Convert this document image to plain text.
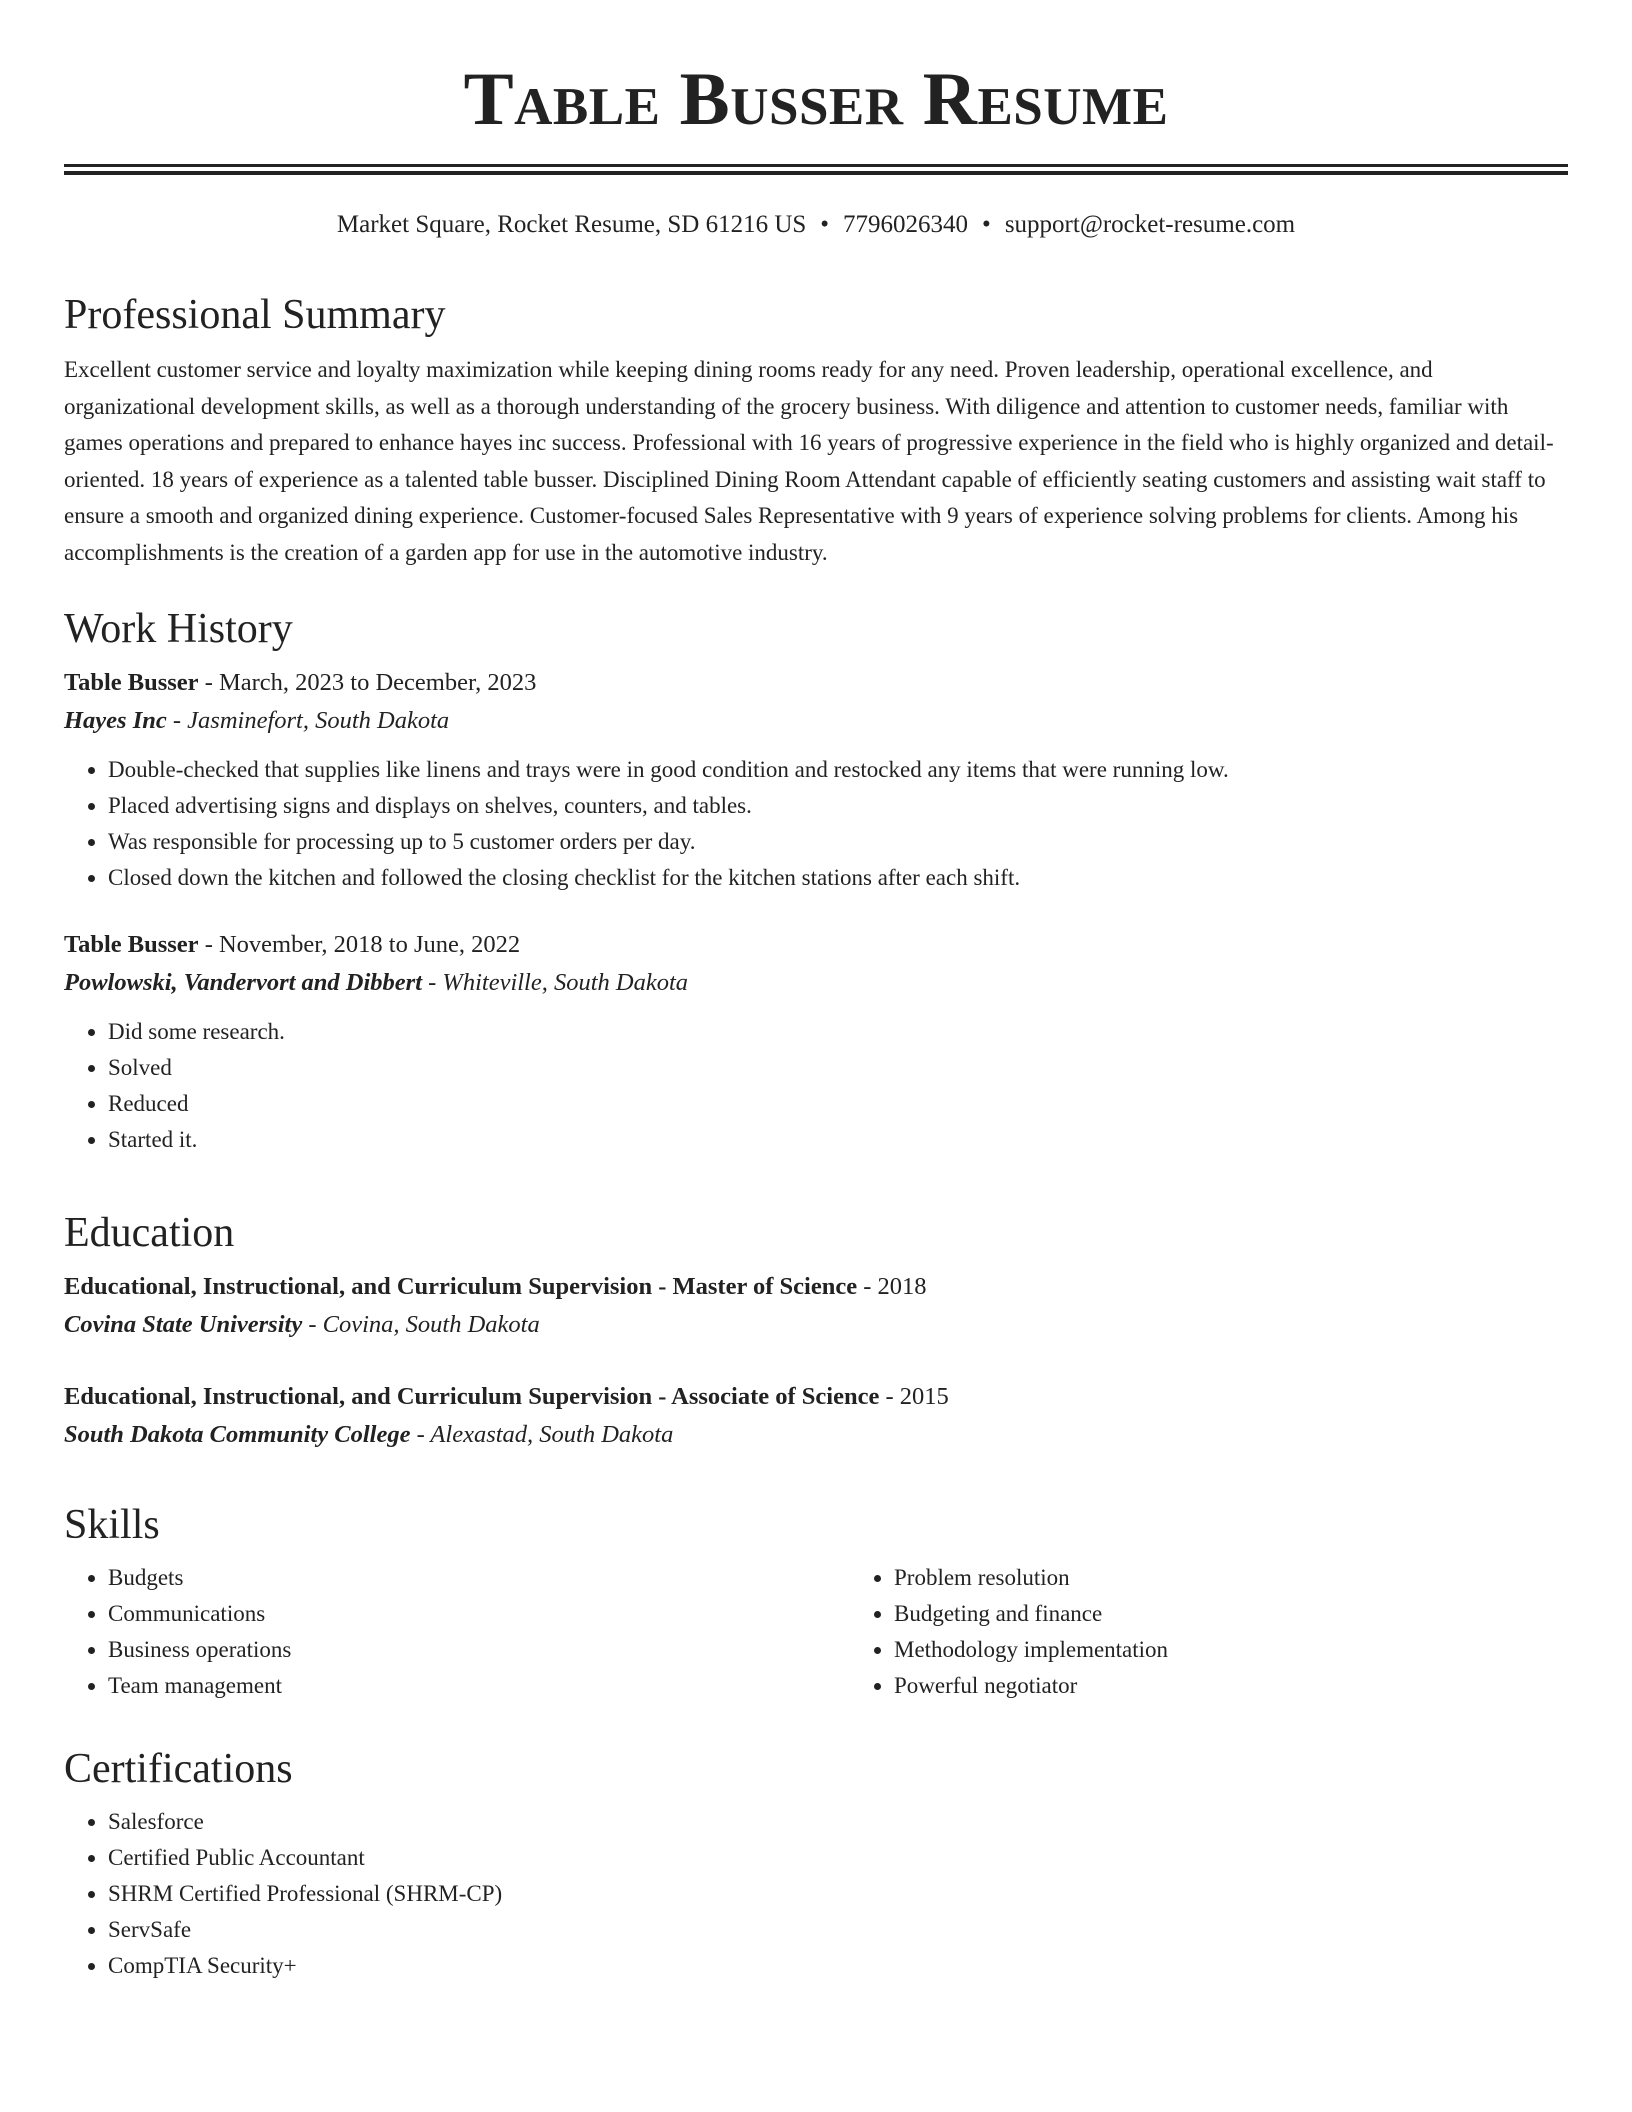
Table Busser Resume
Market Square, Rocket Resume, SD 61216 US • 7796026340 • support@rocket-resume.com
Professional Summary

Excellent customer service and loyalty maximization while keeping dining rooms ready for any need. Proven leadership, operational excellence, and organizational development skills, as well as a thorough understanding of the grocery business. With diligence and attention to customer needs, familiar with games operations and prepared to enhance hayes inc success. Professional with 16 years of progressive experience in the field who is highly organized and detail-oriented. 18 years of experience as a talented table busser. Disciplined Dining Room Attendant capable of efficiently seating customers and assisting wait staff to ensure a smooth and organized dining experience. Customer-focused Sales Representative with 9 years of experience solving problems for clients. Among his accomplishments is the creation of a garden app for use in the automotive industry.

Work History
Table Busser - March, 2023 to December, 2023
Hayes Inc - Jasminefort, South Dakota
• Double-checked that supplies like linens and trays were in good condition and restocked any items that were running low.
• Placed advertising signs and displays on shelves, counters, and tables.
• Was responsible for processing up to 5 customer orders per day.
• Closed down the kitchen and followed the closing checklist for the kitchen stations after each shift.
Table Busser - November, 2018 to June, 2022
Powlowski, Vandervort and Dibbert - Whiteville, South Dakota
• Did some research.
• Solved
• Reduced
• Started it.
Education
Educational, Instructional, and Curriculum Supervision - Master of Science - 2018
Covina State University - Covina, South Dakota
Educational, Instructional, and Curriculum Supervision - Associate of Science - 2015
South Dakota Community College - Alexastad, South Dakota
Skills
• Budgets
• Communications
• Business operations
• Team management
• Problem resolution
• Budgeting and finance
• Methodology implementation
• Powerful negotiator
Certifications
• Salesforce
• Certified Public Accountant
• SHRM Certified Professional (SHRM-CP)
• ServSafe
• CompTIA Security+
